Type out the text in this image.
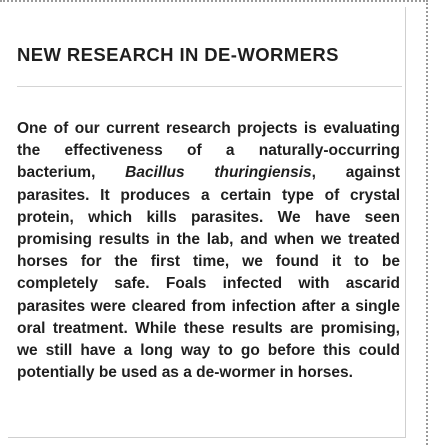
NEW RESEARCH IN DE-WORMERS

One of our current research projects is evaluating the effectiveness of a naturally-occurring bacterium, Bacillus thuringiensis, against parasites. It produces a certain type of crystal protein, which kills parasites. We have seen promising results in the lab, and when we treated horses for the first time, we found it to be completely safe. Foals infected with ascarid parasites were cleared from infection after a single oral treatment. While these results are promising, we still have a long way to go before this could potentially be used as a de-wormer in horses.
